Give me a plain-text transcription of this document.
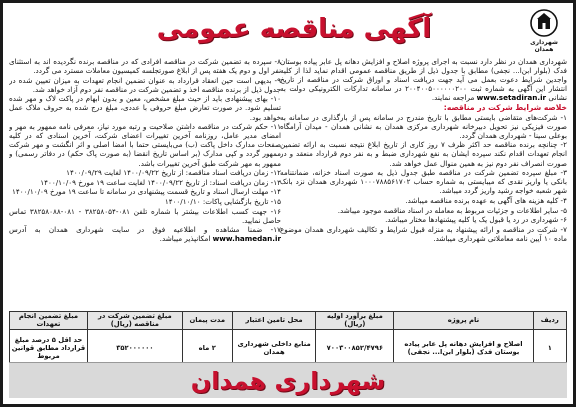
شهرداری همدان
آگهی مناقصه عمومی

شهرداری همدان در نظر دارد نسبت به اجرای پروژه اصلاح و افزایش دهانه پل عابر پیاده بوستان فدک (بلوار ابن‌ا... نجفی) مطابق با جدول ذیل از طریق مناقصه عمومی اقدام نماید لذا از کلیه واجدین شرایط دعوت بعمل می آید جهت دریافت اسناد و اوراق شرکت در مناقصه از تاریخ انتشار این آگهی به شماره ثبت ۲۰۰۴۰۰۵۰۰۰۰۰۰۲۰۰ در سامانه تدارکات الکترونیکی دولت به نشانی www.setadiran.ir مراجعه نمایند.

خلاصه شرایط شرکت در مناقصه:

۱- شرکت‌های متقاضی بایستی مطابق با تاریخ مندرج در سامانه پس از بارگذاری در سامانه به صورت فیزیکی نیز تحویل دبیرخانه شهرداری مرکزی همدان به نشانی همدان - میدان آرامگاه بوعلی سینا - شهرداری همدان گردد.

۲- چنانچه برنده مناقصه حد اکثر ظرف ۷ روز کاری از تاریخ ابلاغ نتیجه نسبت به ارائه تضمین انجام تعهدات اقدام نکند سپرده ایشان به نفع شهرداری ضبط و به نفر دوم قرارداد منعقد و در صورت انصراف نفر دوم نیز به همین منوال عمل خواهد شد.

۳- مبلغ سپرده تضمین شرکت در مناقصه طبق جدول ذیل به صورت اسناد خزانه، ضمانتنامه بانکی یا واریز نقدی که میبایستی به شماره حساب ۱۰۰۰۷۸۸۵۶۱۷۰۲ شهرداری همدان نزد بانک شهر شعبه خواجه رشید واریز گردد میباشد.

۴- کلیه هزینه های آگهی به عهده برنده مناقصه میباشد.

۵- سایر اطلاعات و جزئیات مربوط به معامله در اسناد مناقصه موجود میباشد.

۶- شهرداری در رد یا قبول یک یا کلیه پیشنهادها مختار میباشد.

۷- شرکت در مناقصه و ارائه پیشنهاد به منزله قبول شرایط و تکالیف شهرداری همدان موضوع ماده ۱۰ آیین نامه معاملاتی شهرداری میباشد.

۸- سپرده به تضمین شرکت در مناقصه افرادی که در مناقصه برنده نگردیده اند به استثنای نفر اول و دوم یک هفته پس از ابلاغ صورتجلسه کمیسیون معاملات مسترد می گردد.

۹- بدیهی است حین انعقاد قرارداد به عنوان تضمین انجام تعهدات به میزان تعیین شده در جدول ذیل از برنده مناقصه اخذ و تضمین شرکت در مناقصه نفر دوم آزاد خواهد شد.

۱۰- بهای پیشنهادی باید از حیث مبلغ مشخص، معین و بدون ابهام در پاکت لاک و مهر شده تسلیم شود. در صورت تعارض مبلغ حروفی با عددی، مبلغ درج شده به حروف ملاک عمل خواهد بود.

۱۱- حکم شرکت در مناقصه داشتن صلاحیت و رتبه مورد نیاز، معرفی نامه ممهور به مهر و امضای مدیر عامل، روزنامه آخرین تغییرات اعضای شرکت، آخرین اسنادی که در کلیه صفحات مدارک داخل پاکت (ب) می‌بایستی حتما با امضا اصلی و اثر انگشت و مهر شرکت ممهور گردد و کپی مدارک (بر اساس تاریخ انقضا (به صورت پاک حکم) در دفاتر رسمی) و ممهور به مهر شرکت طبق آخرین تغییرات باشد.

۱۲- زمان دریافت اسناد مناقصه: از تاریخ ۱۴۰۰/۰۹/۲۲ لغایت ۱۴۰۰/۰۹/۲۹

۱۳- زمان دریافت اسناد: از تاریخ ۱۴۰۰/۰۹/۲۲ لغایت ساعت ۱۹ مورخ ۱۴۰۰/۱۰/۰۹

۱۴- مهلت ارسال اسناد و تاریخ قسمت پیشنهادی در سامانه تا ساعت ۱۹ مورخ ۱۴۰۰/۱۰/۰۹

۱۵- تاریخ بازگشایی پاکات: ۱۴۰۰/۱۰/۱۰

۱۶- جهت کسب اطلاعات بیشتر با شماره تلفن ۰۸۱-۳۸۲۵۸۰۵۴ - ۰۸۱-۳۸۲۵۸۰۸۸ تماس حاصل نمایید.

۱۷- ضمنا مشاهده و اطلاعیه فوق در سایت شهرداری همدان به آدرس www.hamedan.ir امکانپذیر میباشد.

ردیف	نام پروژه	مبلغ برآورد اولیه (ریال)	محل تامین اعتبار	مدت پیمان	مبلغ تضمین شرکت در مناقصه (ریال)	مبلغ تضمین انجام تعهدات
۱	اصلاح و افزایش دهانه پل عابر پیاده بوستان فدک (بلوار ابن‌ا... نجفی)	۷۰۰۳۰۰۸۵۲/۴۷۹۶	منابع داخلی شهرداری همدان	۲ ماه	۳۵۲۰۰۰۰۰۰	حد اقل ۵ درصد مبلغ قرارداد مطابق قوانین مربوط
شهرداری همدان
